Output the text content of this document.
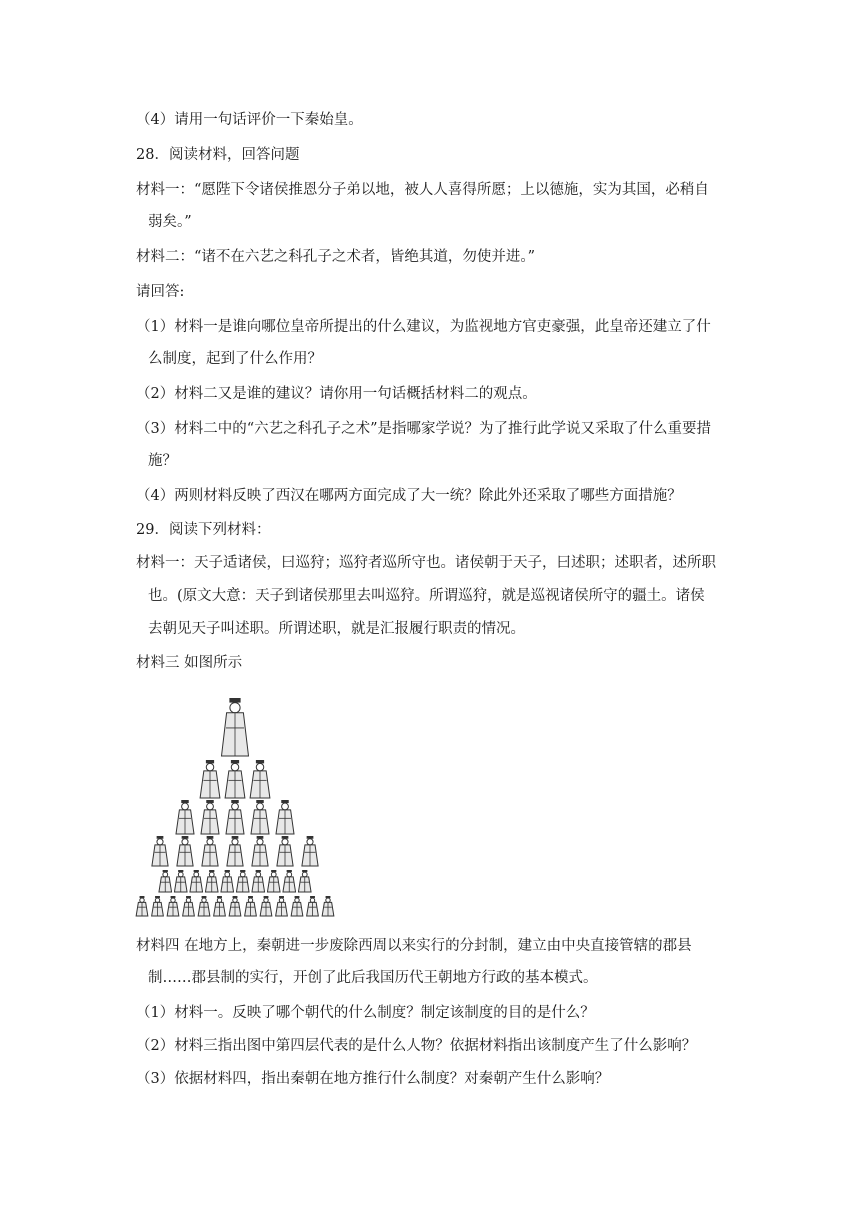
（4）请用一句话评价一下秦始皇。
28．阅读材料，回答问题
材料一：“愿陛下令诸侯推恩分子弟以地，被人人喜得所愿；上以德施，实为其国，必稍自
弱矣。”
材料二：“诸不在六艺之科孔子之术者，皆绝其道，勿使并进。”
请回答:
（1）材料一是谁向哪位皇帝所提出的什么建议，为监视地方官吏豪强，此皇帝还建立了什
么制度，起到了什么作用？
（2）材料二又是谁的建议？请你用一句话概括材料二的观点。
（3）材料二中的“六艺之科孔子之术”是指哪家学说？为了推行此学说又采取了什么重要措
施？
（4）两则材料反映了西汉在哪两方面完成了大一统？除此外还采取了哪些方面措施？
29．阅读下列材料：
材料一：天子适诸侯，曰巡狩；巡狩者巡所守也。诸侯朝于天子，曰述职；述职者，述所职
也。(原文大意：天子到诸侯那里去叫巡狩。所谓巡狩，就是巡视诸侯所守的疆土。诸侯
去朝见天子叫述职。所谓述职，就是汇报履行职责的情况。
材料三 如图所示
材料四 在地方上，秦朝进一步废除西周以来实行的分封制，建立由中央直接管辖的郡县
制……郡县制的实行，开创了此后我国历代王朝地方行政的基本模式。
（1）材料一。反映了哪个朝代的什么制度？制定该制度的目的是什么？
（2）材料三指出图中第四层代表的是什么人物？依据材料指出该制度产生了什么影响？
（3）依据材料四，指出秦朝在地方推行什么制度？对秦朝产生什么影响？
